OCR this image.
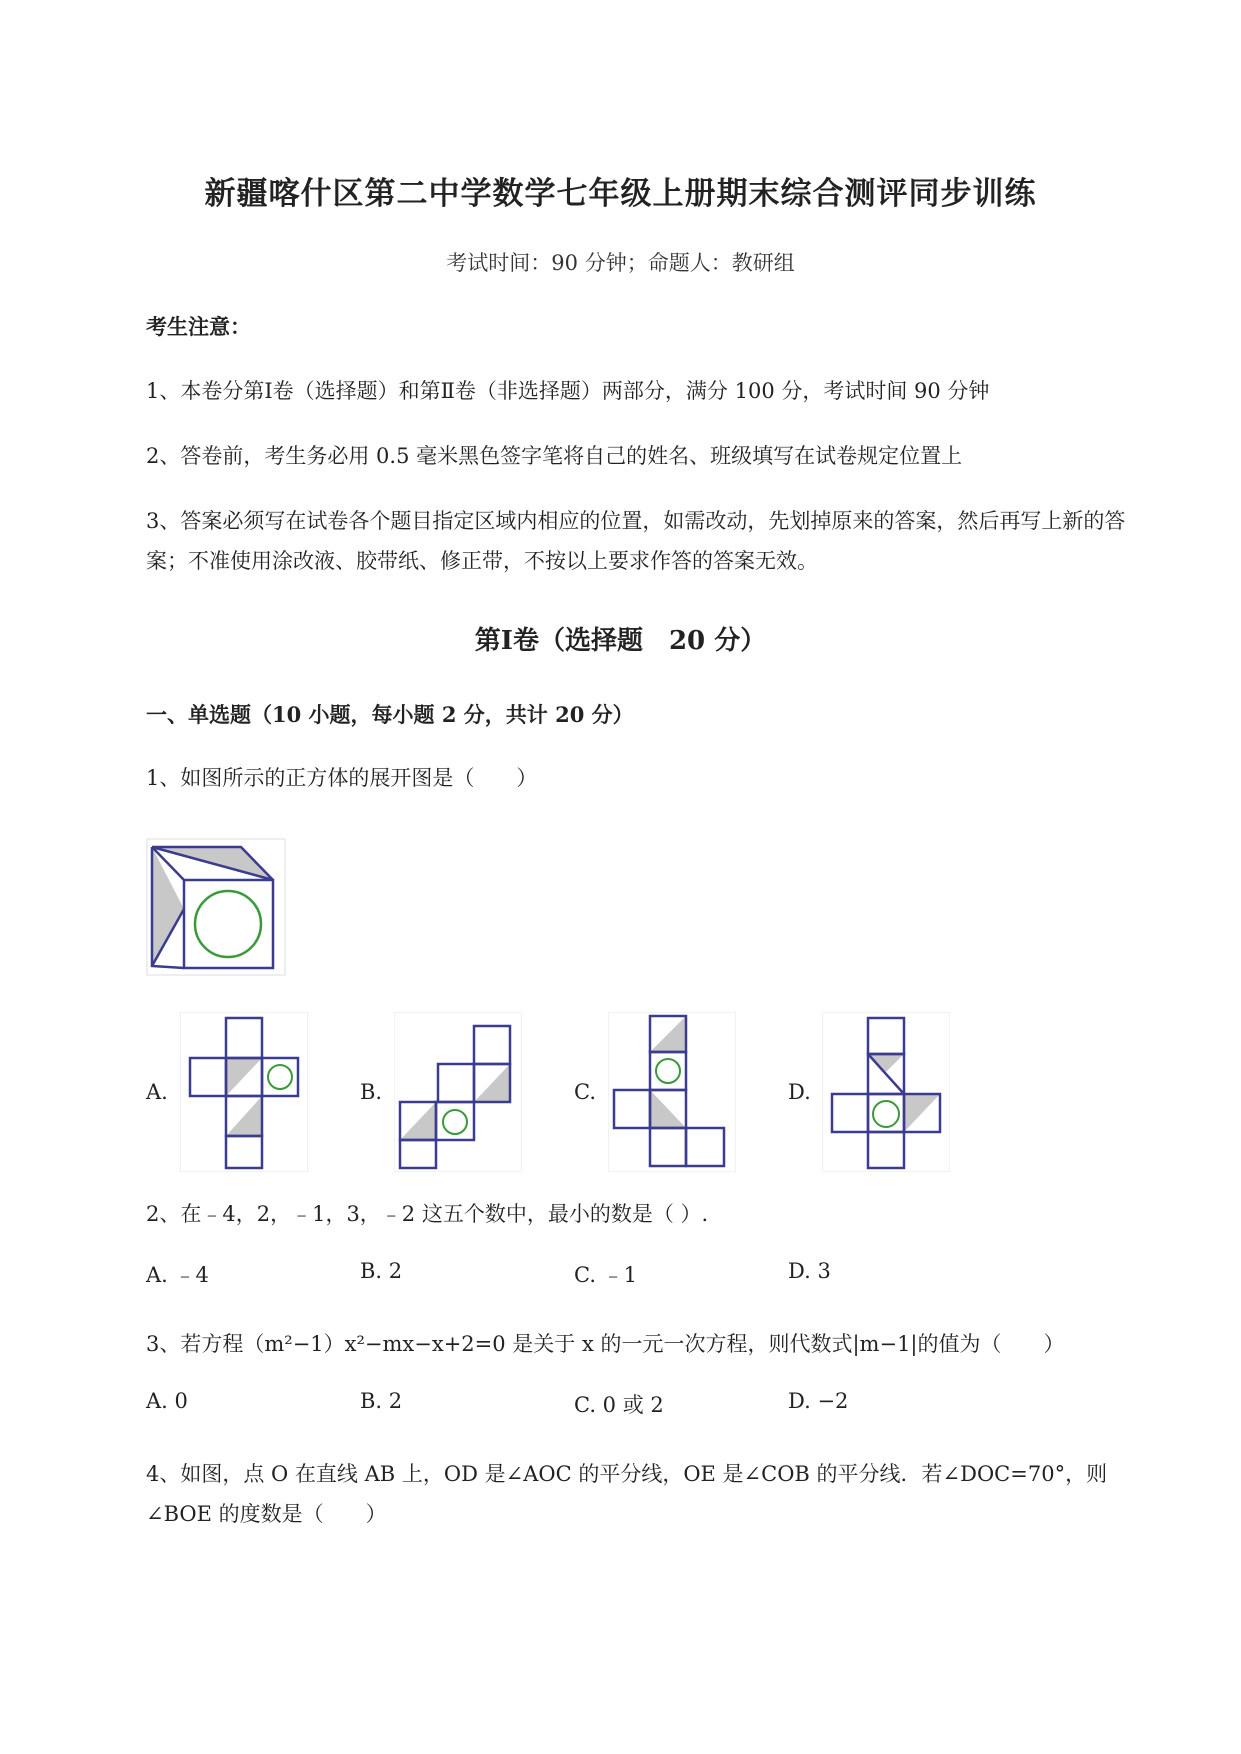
新疆喀什区第二中学数学七年级上册期末综合测评同步训练
考试时间：90 分钟；命题人：教研组
考生注意：
1、本卷分第Ⅰ卷（选择题）和第Ⅱ卷（非选择题）两部分，满分 100 分，考试时间 90 分钟
2、答卷前，考生务必用 0.5 毫米黑色签字笔将自己的姓名、班级填写在试卷规定位置上
3、答案必须写在试卷各个题目指定区域内相应的位置，如需改动，先划掉原来的答案，然后再写上新的答案；不准使用涂改液、胶带纸、修正带，不按以上要求作答的答案无效。
第Ⅰ卷（选择题　20 分）
一、单选题（10 小题，每小题 2 分，共计 20 分）
1、如图所示的正方体的展开图是（　　）
A.	B.	C.	D.
2、在﹣4，2，﹣1，3，﹣2 这五个数中，最小的数是（ ）.
A. ﹣4	B. 2	C. ﹣1	D. 3
3、若方程（m²−1）x²−mx−x+2=0 是关于 x 的一元一次方程，则代数式|m−1|的值为（　　）
A. 0	B. 2	C. 0 或 2	D. −2
4、如图，点 O 在直线 AB 上，OD 是∠AOC 的平分线，OE 是∠COB 的平分线．若∠DOC=70°，则∠BOE 的度数是（　　）
